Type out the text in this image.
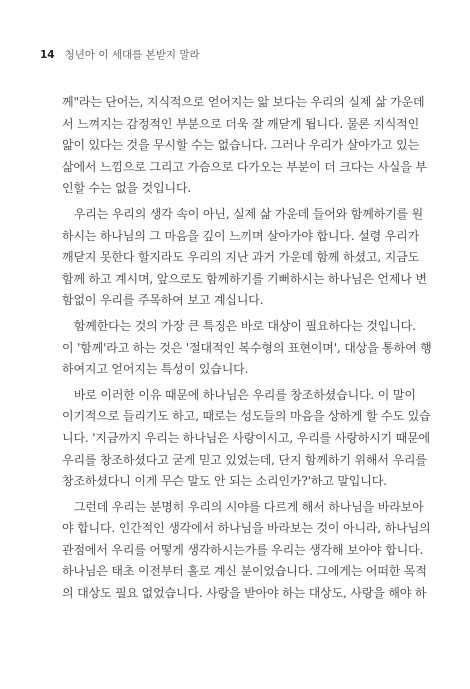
14 청년아 이 세대를 본받지 말라

께"라는 단어는, 지식적으로 얻어지는 앎 보다는 우리의 실제 삶 가운데

서 느껴지는 감정적인 부분으로 더욱 잘 깨닫게 됩니다. 물론 지식적인

앎이 있다는 것을 무시할 수는 없습니다. 그러나 우리가 살아가고 있는

삶에서 느낌으로 그리고 가슴으로 다가오는 부분이 더 크다는 사실을 부

인할 수는 없을 것입니다.

　우리는 우리의 생각 속이 아닌, 실제 삶 가운데 들어와 함께하기를 원

하시는 하나님의 그 마음을 깊이 느끼며 살아가야 합니다. 설령 우리가

깨닫지 못한다 할지라도 우리의 지난 과거 가운데 함께 하셨고, 지금도

함께 하고 계시며, 앞으로도 함께하기를 기뻐하시는 하나님은 언제나 변

함없이 우리를 주목하여 보고 계십니다.

　함께한다는 것의 가장 큰 특징은 바로 대상이 필요하다는 것입니다.

이 '함께'라고 하는 것은 '절대적인 복수형의 표현이며', 대상을 통하여 행

하여지고 얻어지는 특성이 있습니다.

　바로 이러한 이유 때문에 하나님은 우리를 창조하셨습니다. 이 말이

이기적으로 들리기도 하고, 때로는 성도들의 마음을 상하게 할 수도 있습

니다. '지금까지 우리는 하나님은 사랑이시고, 우리를 사랑하시기 때문에

우리를 창조하셨다고 굳게 믿고 있었는데, 단지 함께하기 위해서 우리를

창조하셨다니 이게 무슨 말도 안 되는 소리인가?'하고 말입니다.

　그런데 우리는 분명히 우리의 시야를 다르게 해서 하나님을 바라보아

야 합니다. 인간적인 생각에서 하나님을 바라보는 것이 아니라, 하나님의

관점에서 우리를 어떻게 생각하시는가를 우리는 생각해 보아야 합니다.

하나님은 태초 이전부터 홀로 계신 분이었습니다. 그에게는 어떠한 목적

의 대상도 필요 없었습니다. 사랑을 받아야 하는 대상도, 사랑을 해야 하
